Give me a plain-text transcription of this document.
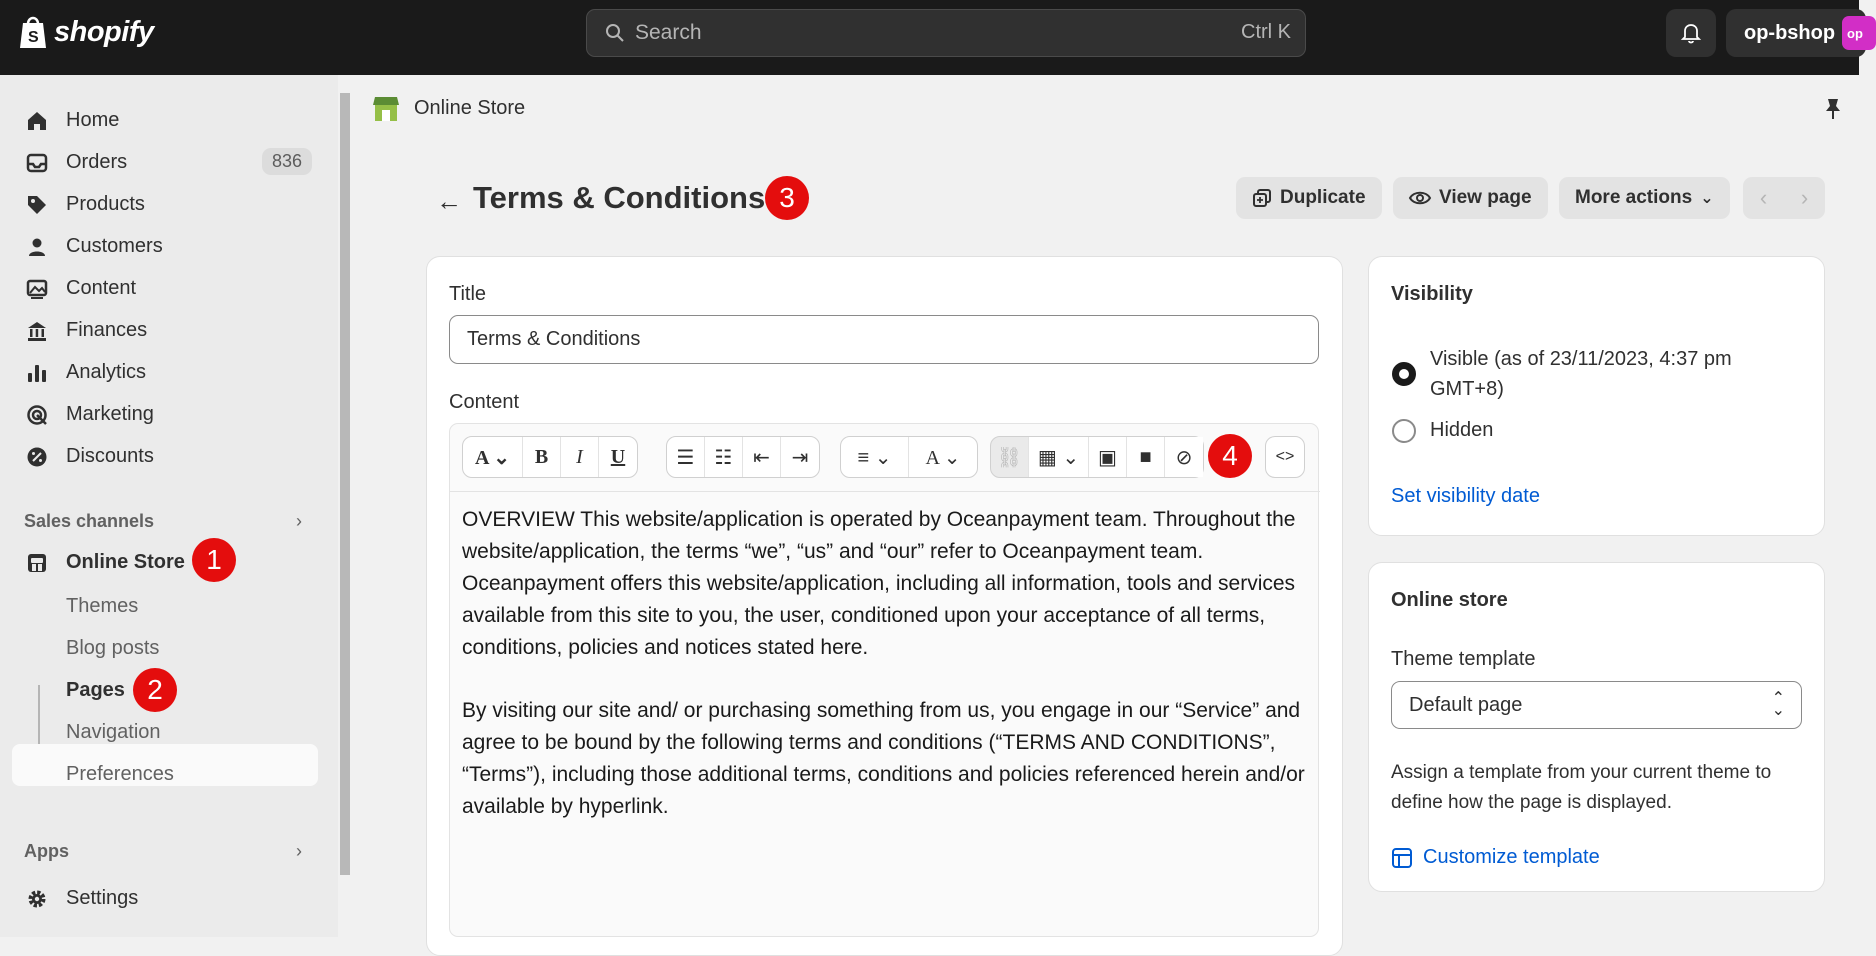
S shopify	Search	Ctrl K	op-bshop op
Home
Orders	836
Products
Customers
Content
Finances
Analytics
Marketing
Discounts
Sales channels	›
Online Store
Themes
Blog posts
Pages
Navigation
Preferences
Apps	›
Settings
1
2
Online Store
← Terms & Conditions 3	Duplicate	View page More actions ⌄ ‹ ›
Title
Terms & Conditions
Content
A ⌄	B	I	U	☰	☷	⇤	⇥	≡ ⌄	A ⌄	⛓ ▦ ⌄ ▣	■	⊘	<>

OVERVIEW This website/application is operated by Oceanpayment team. Throughout the website/application, the terms “we”, “us” and “our” refer to Oceanpayment team. Oceanpayment offers this website/application, including all information, tools and services available from this site to you, the user, conditioned upon your acceptance of all terms, conditions, policies and notices stated here.

By visiting our site and/ or purchasing something from us, you engage in our “Service” and agree to be bound by the following terms and conditions (“TERMS AND CONDITIONS”, “Terms”), including those additional terms, conditions and policies referenced herein and/or available by hyperlink.

4
Visibility
Visible (as of 23/11/2023, 4:37 pm GMT+8)
Hidden
Set visibility date
Online store
Theme template
Default page	⌃
⌄
Assign a template from your current theme to define how the page is displayed.
Customize template
